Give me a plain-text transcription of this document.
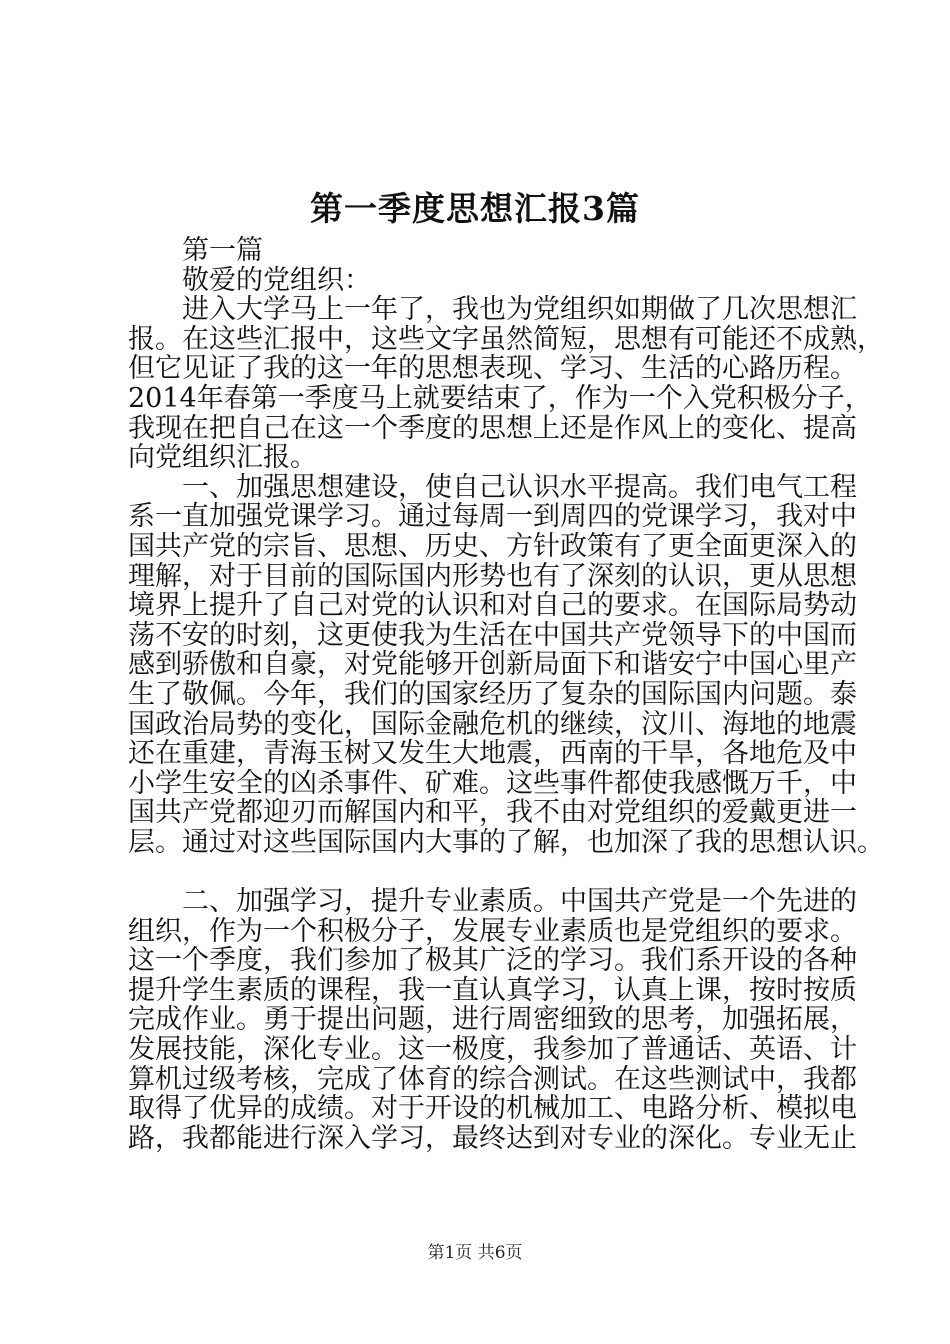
第一季度思想汇报3篇
第一篇
敬爱的党组织：
进入大学马上一年了，我也为党组织如期做了几次思想汇
报。在这些汇报中，这些文字虽然简短，思想有可能还不成熟，
但它见证了我的这一年的思想表现、学习、生活的心路历程。
2014年春第一季度马上就要结束了，作为一个入党积极分子，
我现在把自己在这一个季度的思想上还是作风上的变化、提高
向党组织汇报。
一、加强思想建设，使自己认识水平提高。我们电气工程
系一直加强党课学习。通过每周一到周四的党课学习，我对中
国共产党的宗旨、思想、历史、方针政策有了更全面更深入的
理解，对于目前的国际国内形势也有了深刻的认识，更从思想
境界上提升了自己对党的认识和对自己的要求。在国际局势动
荡不安的时刻，这更使我为生活在中国共产党领导下的中国而
感到骄傲和自豪，对党能够开创新局面下和谐安宁中国心里产
生了敬佩。今年，我们的国家经历了复杂的国际国内问题。泰
国政治局势的变化，国际金融危机的继续，汶川、海地的地震
还在重建，青海玉树又发生大地震，西南的干旱，各地危及中
小学生安全的凶杀事件、矿难。这些事件都使我感慨万千，中
国共产党都迎刃而解国内和平，我不由对党组织的爱戴更进一
层。通过对这些国际国内大事的了解，也加深了我的思想认识。
二、加强学习，提升专业素质。中国共产党是一个先进的
组织，作为一个积极分子，发展专业素质也是党组织的要求。
这一个季度，我们参加了极其广泛的学习。我们系开设的各种
提升学生素质的课程，我一直认真学习，认真上课，按时按质
完成作业。勇于提出问题，进行周密细致的思考，加强拓展，
发展技能，深化专业。这一极度，我参加了普通话、英语、计
算机过级考核，完成了体育的综合测试。在这些测试中，我都
取得了优异的成绩。对于开设的机械加工、电路分析、模拟电
路，我都能进行深入学习，最终达到对专业的深化。专业无止
第1页 共6页
